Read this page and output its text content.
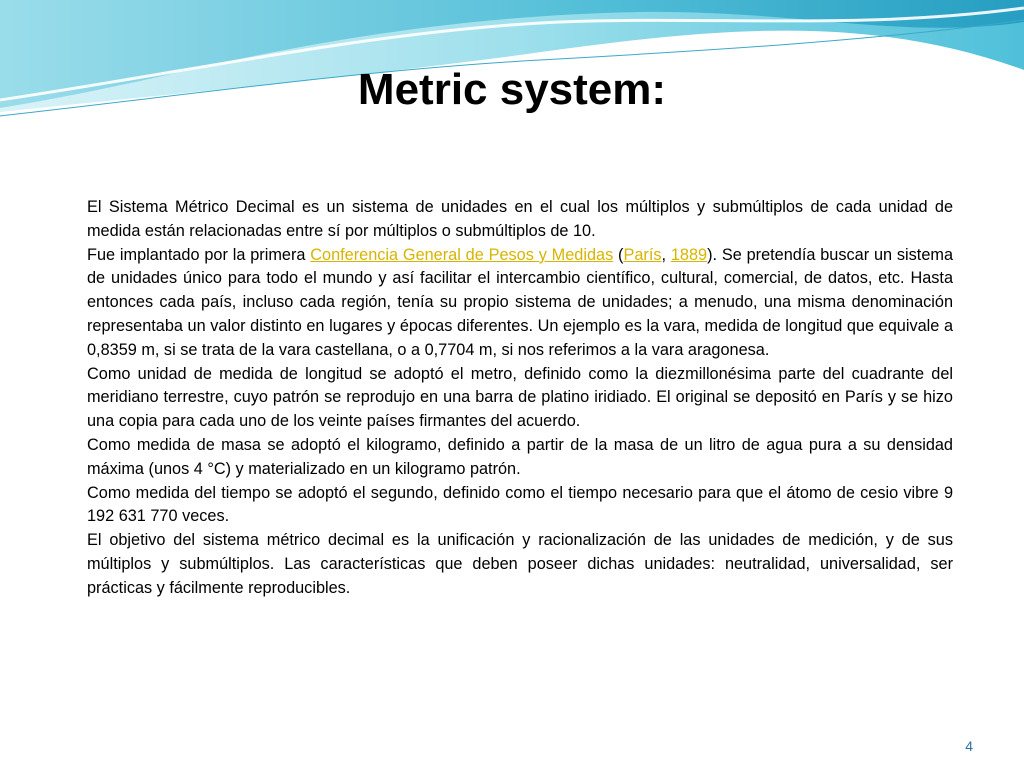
Metric system:

El Sistema Métrico Decimal es un sistema de unidades en el cual los múltiplos y submúltiplos de cada unidad de medida están relacionadas entre sí por múltiplos o submúltiplos de 10.

Fue implantado por la primera Conferencia General de Pesos y Medidas (París, 1889). Se pretendía buscar un sistema de unidades único para todo el mundo y así facilitar el intercambio científico, cultural, comercial, de datos, etc. Hasta entonces cada país, incluso cada región, tenía su propio sistema de unidades; a menudo, una misma denominación representaba un valor distinto en lugares y épocas diferentes. Un ejemplo es la vara, medida de longitud que equivale a 0,8359 m, si se trata de la vara castellana, o a 0,7704 m, si nos referimos a la vara aragonesa.

Como unidad de medida de longitud se adoptó el metro, definido como la diezmillonésima parte del cuadrante del meridiano terrestre, cuyo patrón se reprodujo en una barra de platino iridiado. El original se depositó en París y se hizo una copia para cada uno de los veinte países firmantes del acuerdo.

Como medida de masa se adoptó el kilogramo, definido a partir de la masa de un litro de agua pura a su densidad máxima (unos 4 °C) y materializado en un kilogramo patrón.

Como medida del tiempo se adoptó el segundo, definido como el tiempo necesario para que el átomo de cesio vibre 9 192 631 770 veces.

El objetivo del sistema métrico decimal es la unificación y racionalización de las unidades de medición, y de sus múltiplos y submúltiplos. Las características que deben poseer dichas unidades: neutralidad, universalidad, ser prácticas y fácilmente reproducibles.

4
